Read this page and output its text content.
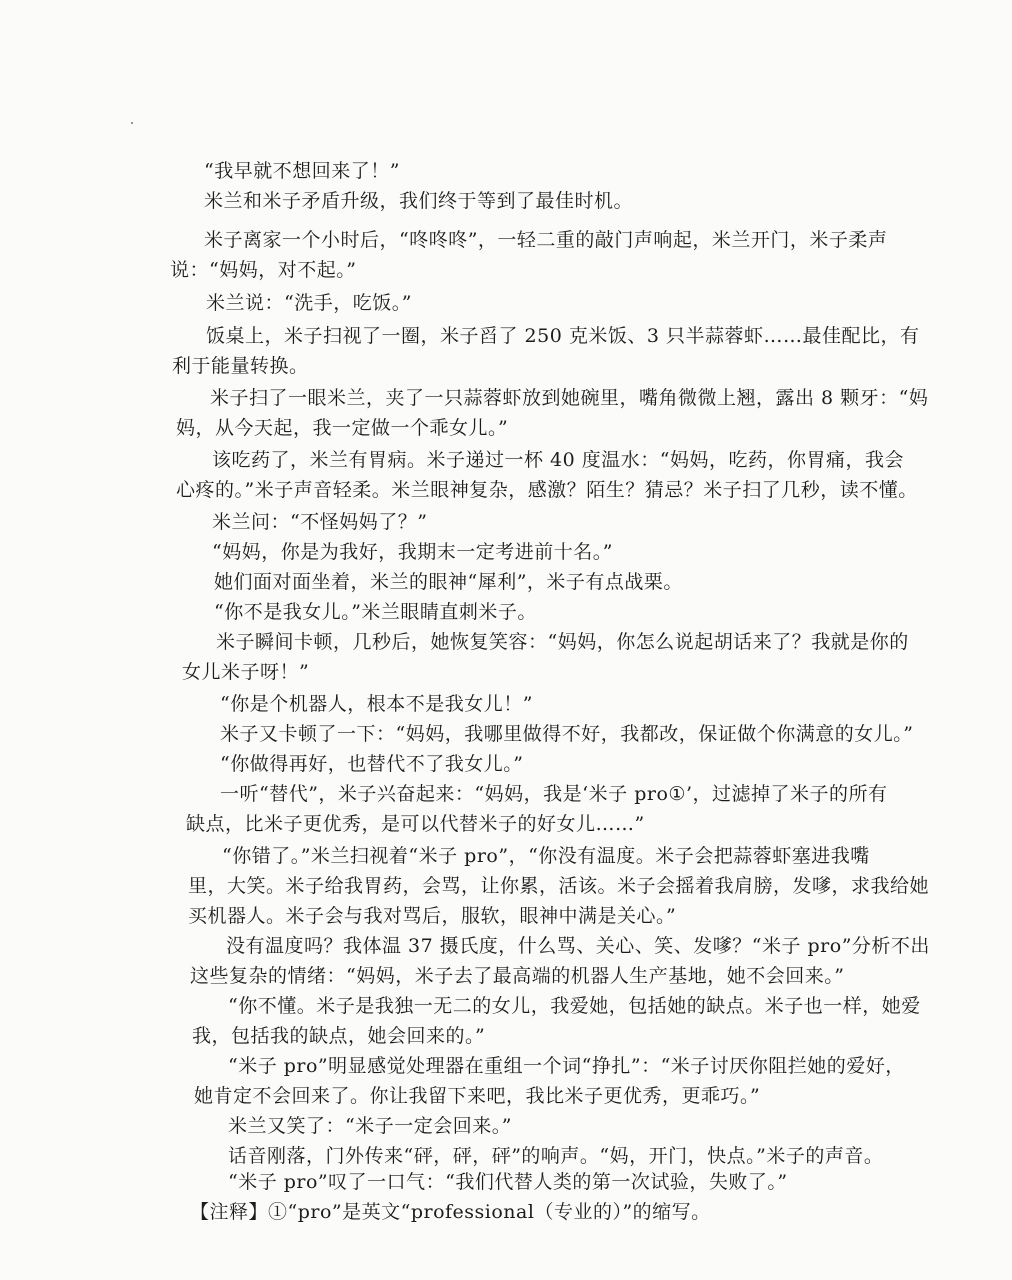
“我早就不想回来了！”
米兰和米子矛盾升级，我们终于等到了最佳时机。
米子离家一个小时后，“咚咚咚”，一轻二重的敲门声响起，米兰开门，米子柔声
说：“妈妈，对不起。”
米兰说：“洗手，吃饭。”
饭桌上，米子扫视了一圈，米子舀了 250 克米饭、3 只半蒜蓉虾……最佳配比，有
利于能量转换。
米子扫了一眼米兰，夹了一只蒜蓉虾放到她碗里，嘴角微微上翘，露出 8 颗牙：“妈
妈，从今天起，我一定做一个乖女儿。”
该吃药了，米兰有胃病。米子递过一杯 40 度温水：“妈妈，吃药，你胃痛，我会
心疼的。”米子声音轻柔。米兰眼神复杂，感激？陌生？猜忌？米子扫了几秒，读不懂。
米兰问：“不怪妈妈了？”
“妈妈，你是为我好，我期末一定考进前十名。”
她们面对面坐着，米兰的眼神“犀利”，米子有点战栗。
“你不是我女儿。”米兰眼睛直刺米子。
米子瞬间卡顿，几秒后，她恢复笑容：“妈妈，你怎么说起胡话来了？我就是你的
女儿米子呀！”
“你是个机器人，根本不是我女儿！”
米子又卡顿了一下：“妈妈，我哪里做得不好，我都改，保证做个你满意的女儿。”
“你做得再好，也替代不了我女儿。”
一听“替代”，米子兴奋起来：“妈妈，我是‘米子 pro①’，过滤掉了米子的所有
缺点，比米子更优秀，是可以代替米子的好女儿……”
“你错了。”米兰扫视着“米子 pro”，“你没有温度。米子会把蒜蓉虾塞进我嘴
里，大笑。米子给我胃药，会骂，让你累，活该。米子会摇着我肩膀，发嗲，求我给她
买机器人。米子会与我对骂后，服软，眼神中满是关心。”
没有温度吗？我体温 37 摄氏度，什么骂、关心、笑、发嗲？“米子 pro”分析不出
这些复杂的情绪：“妈妈，米子去了最高端的机器人生产基地，她不会回来。”
“你不懂。米子是我独一无二的女儿，我爱她，包括她的缺点。米子也一样，她爱
我，包括我的缺点，她会回来的。”
“米子 pro”明显感觉处理器在重组一个词“挣扎”：“米子讨厌你阻拦她的爱好，
她肯定不会回来了。你让我留下来吧，我比米子更优秀，更乖巧。”
米兰又笑了：“米子一定会回来。”
话音刚落，门外传来“砰，砰，砰”的响声。“妈，开门，快点。”米子的声音。
“米子 pro”叹了一口气：“我们代替人类的第一次试验，失败了。”
【注释】①“pro”是英文“professional（专业的）”的缩写。
